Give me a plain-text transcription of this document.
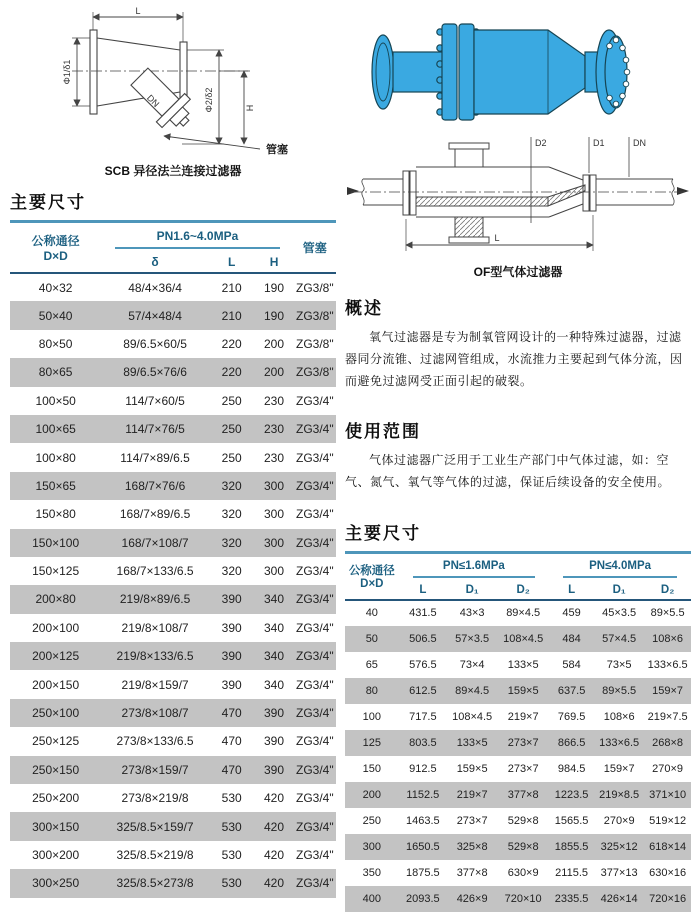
L
Φ1/δ1
Φ2/δ2	H
DN
管塞
SCB 异径法兰连接过滤器
主要尺寸
公称通径
D×D	PN1.6~4.0MPa			管塞
	δ	L	H	
40×32	48/4×36/4	210	190	ZG3/8"
50×40	57/4×48/4	210	190	ZG3/8"
80×50	89/6.5×60/5	220	200	ZG3/8"
80×65	89/6.5×76/6	220	200	ZG3/8"
100×50	114/7×60/5	250	230	ZG3/4"
100×65	114/7×76/5	250	230	ZG3/4"
100×80	114/7×89/6.5	250	230	ZG3/4"
150×65	168/7×76/6	320	300	ZG3/4"
150×80	168/7×89/6.5	320	300	ZG3/4"
150×100	168/7×108/7	320	300	ZG3/4"
150×125	168/7×133/6.5	320	300	ZG3/4"
200×80	219/8×89/6.5	390	340	ZG3/4"
200×100	219/8×108/7	390	340	ZG3/4"
200×125	219/8×133/6.5	390	340	ZG3/4"
200×150	219/8×159/7	390	340	ZG3/4"
250×100	273/8×108/7	470	390	ZG3/4"
250×125	273/8×133/6.5	470	390	ZG3/4"
250×150	273/8×159/7	470	390	ZG3/4"
250×200	273/8×219/8	530	420	ZG3/4"
300×150	325/8.5×159/7	530	420	ZG3/4"
300×200	325/8.5×219/8	530	420	ZG3/4"
300×250	325/8.5×273/8	530	420	ZG3/4"

D2	D1	DN
L
OF型气体过滤器
概述

氧气过滤器是专为制氧管网设计的一种特殊过滤器，过滤器同分流锥、过滤网管组成，水流推力主要起到气体分流，因而避免过滤网受正面引起的破裂。

使用范围

气体过滤器广泛用于工业生产部门中气体过滤，如：空气、氮气、氧气等气体的过滤，保证后续设备的安全使用。

主要尺寸
公称通径
D×D	PN≤1.6MPa			PN≤4.0MPa		

	L	D₁	D₂	L	D₁	D₂
40	431.5	43×3	89×4.5	459	45×3.5	89×5.5
50	506.5	57×3.5	108×4.5	484	57×4.5	108×6
65	576.5	73×4	133×5	584	73×5	133×6.5
80	612.5	89×4.5	159×5	637.5	89×5.5	159×7
100	717.5	108×4.5	219×7	769.5	108×6	219×7.5
125	803.5	133×5	273×7	866.5	133×6.5	268×8
150	912.5	159×5	273×7	984.5	159×7	270×9
200	1152.5	219×7	377×8	1223.5	219×8.5	371×10
250	1463.5	273×7	529×8	1565.5	270×9	519×12
300	1650.5	325×8	529×8	1855.5	325×12	618×14
350	1875.5	377×8	630×9	2115.5	377×13	630×16
400	2093.5	426×9	720×10	2335.5	426×14	720×16
